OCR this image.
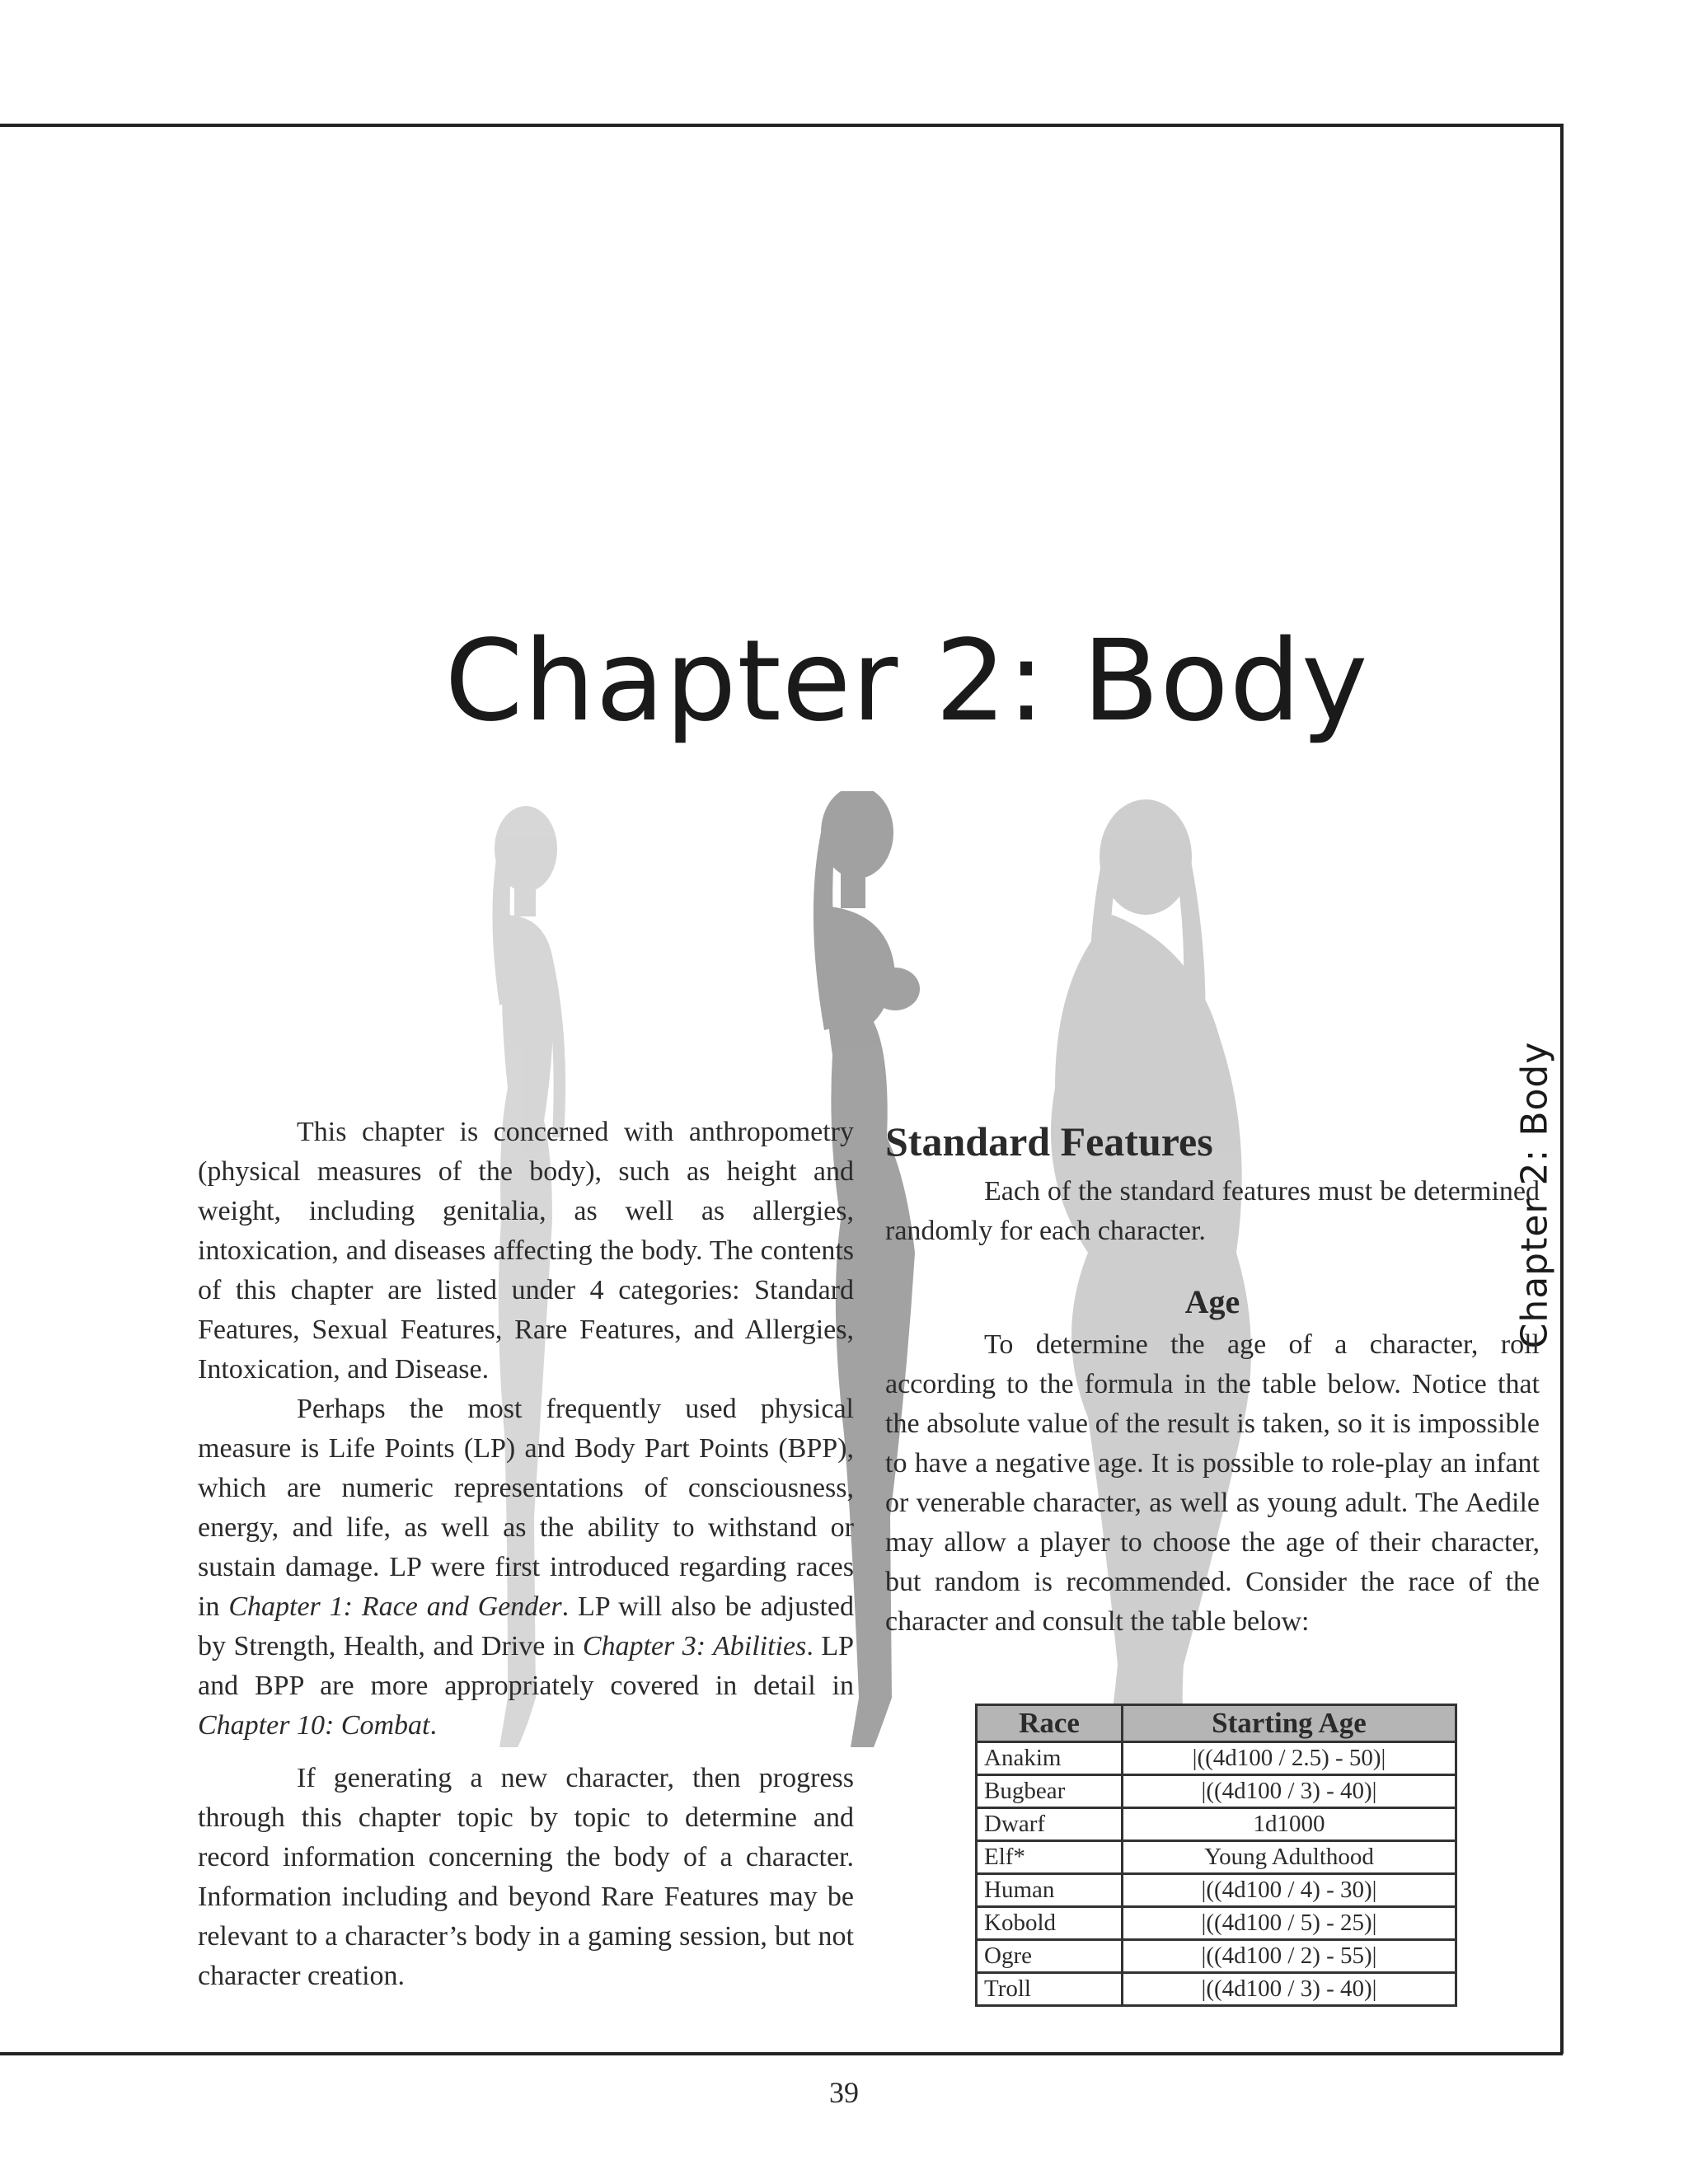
Chapter 2: Body
Chapter 2: Body

This chapter is concerned with anthropometry (physical measures of the body), such as height and weight, including genitalia, as well as allergies, intoxication, and diseases affecting the body. The contents of this chapter are listed under 4 categories: Standard Features, Sexual Features, Rare Features, and Allergies, Intoxication, and Disease.

Perhaps the most frequently used physical measure is Life Points (LP) and Body Part Points (BPP), which are numeric representations of consciousness, energy, and life, as well as the ability to withstand or sustain damage. LP were first introduced regarding races in Chapter 1: Race and Gender. LP will also be adjusted by Strength, Health, and Drive in Chapter 3: Abilities. LP and BPP are more appropriately covered in detail in Chapter 10: Combat.

If generating a new character, then progress through this chapter topic by topic to determine and record information concerning the body of a character. Information including and beyond Rare Features may be relevant to a character’s body in a gaming session, but not character creation.

Standard Features

Each of the standard features must be determined randomly for each character.

Age

To determine the age of a character, roll according to the formula in the table below. Notice that the absolute value of the result is taken, so it is impossible to have a negative age. It is possible to role-play an infant or venerable character, as well as young adult. The Aedile may allow a player to choose the age of their character, but random is recommended. Consider the race of the character and consult the table below:

Race	Starting Age
Anakim	|((4d100 / 2.5) - 50)|
Bugbear	|((4d100 / 3) - 40)|
Dwarf	1d1000
Elf*	Young Adulthood
Human	|((4d100 / 4) - 30)|
Kobold	|((4d100 / 5) - 25)|
Ogre	|((4d100 / 2) - 55)|
Troll	|((4d100 / 3) - 40)|
39
